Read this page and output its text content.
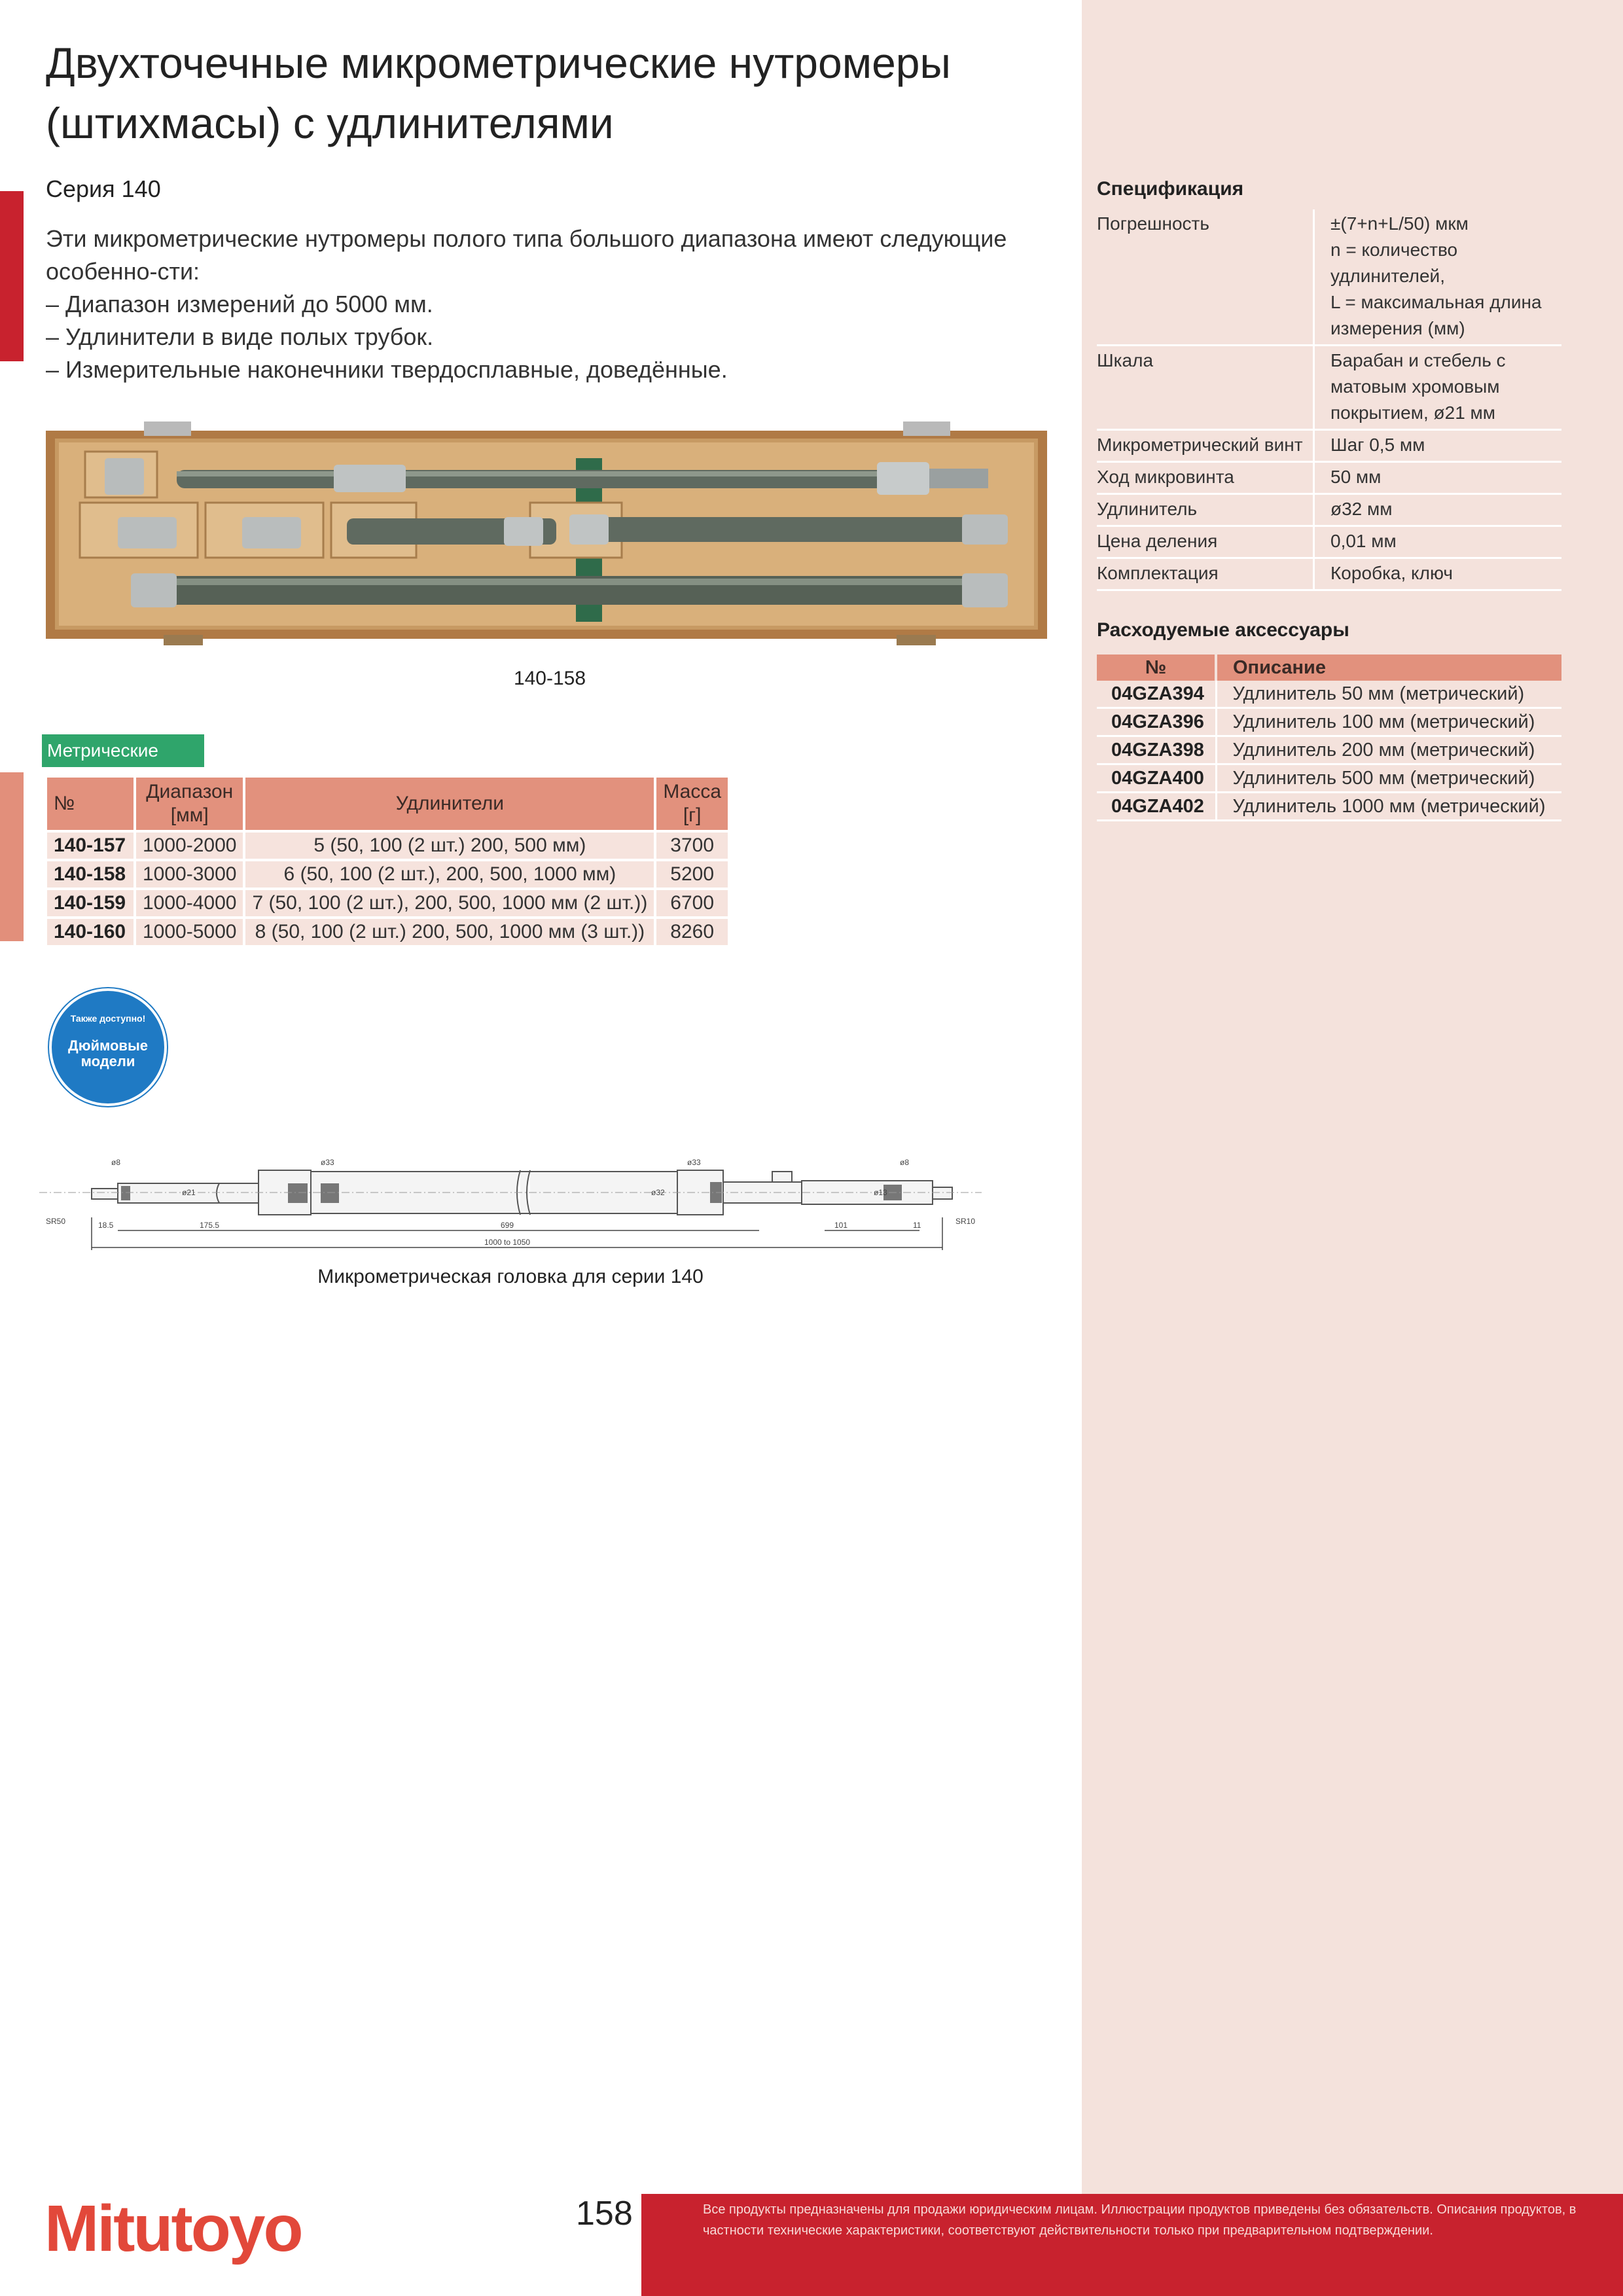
Двухточечные микрометрические нутромеры (штихмасы) с удлинителями
Серия 140
Эти микрометрические нутромеры полого типа большого диапазона имеют следующие особенно-сти:
– Диапазон измерений до 5000 мм.
– Удлинители в виде полых трубок.
– Измерительные наконечники твердосплавные, доведённые.
140-158
Метрические
№	Диапазон [мм]	Удлинители	Масса [г]
140-157	1000-2000	5 (50, 100 (2 шт.) 200, 500 мм)	3700
140-158	1000-3000	6 (50, 100 (2 шт.), 200, 500, 1000 мм)	5200
140-159	1000-4000	7 (50, 100 (2 шт.), 200, 500, 1000 мм (2 шт.))	6700
140-160	1000-5000	8 (50, 100 (2 шт.) 200, 500, 1000 мм (3 шт.))	8260
Также доступно!
Дюймовые
модели
SR50	SR10
175.5	699	101
1000 to 1050
18.5	11
ø8	ø33	ø33	ø8
ø32	ø13
ø21
Микрометрическая головка для серии 140
Спецификация
Погрешность	±(7+n+L/50) мкм
n = количество удлинителей,
L = максимальная длина измерения (мм)
Шкала	Барабан и стебель с матовым хромовым покрытием, ø21 мм
Микрометрический винт	Шаг 0,5 мм
Ход микровинта	50 мм
Удлинитель	ø32 мм
Цена деления	0,01 мм
Комплектация	Коробка, ключ
Расходуемые аксессуары
№	Описание
04GZA394	Удлинитель 50 мм (метрический)
04GZA396	Удлинитель 100 мм (метрический)
04GZA398	Удлинитель 200 мм (метрический)
04GZA400	Удлинитель 500 мм (метрический)
04GZA402	Удлинитель 1000 мм (метрический)
Mitutoyo	158	Все продукты предназначены для продажи юридическим лицам. Иллюстрации продуктов приведены без обязательств. Описания продуктов, в частности технические характеристики, соответствуют действительности только при предварительном подтверждении.
